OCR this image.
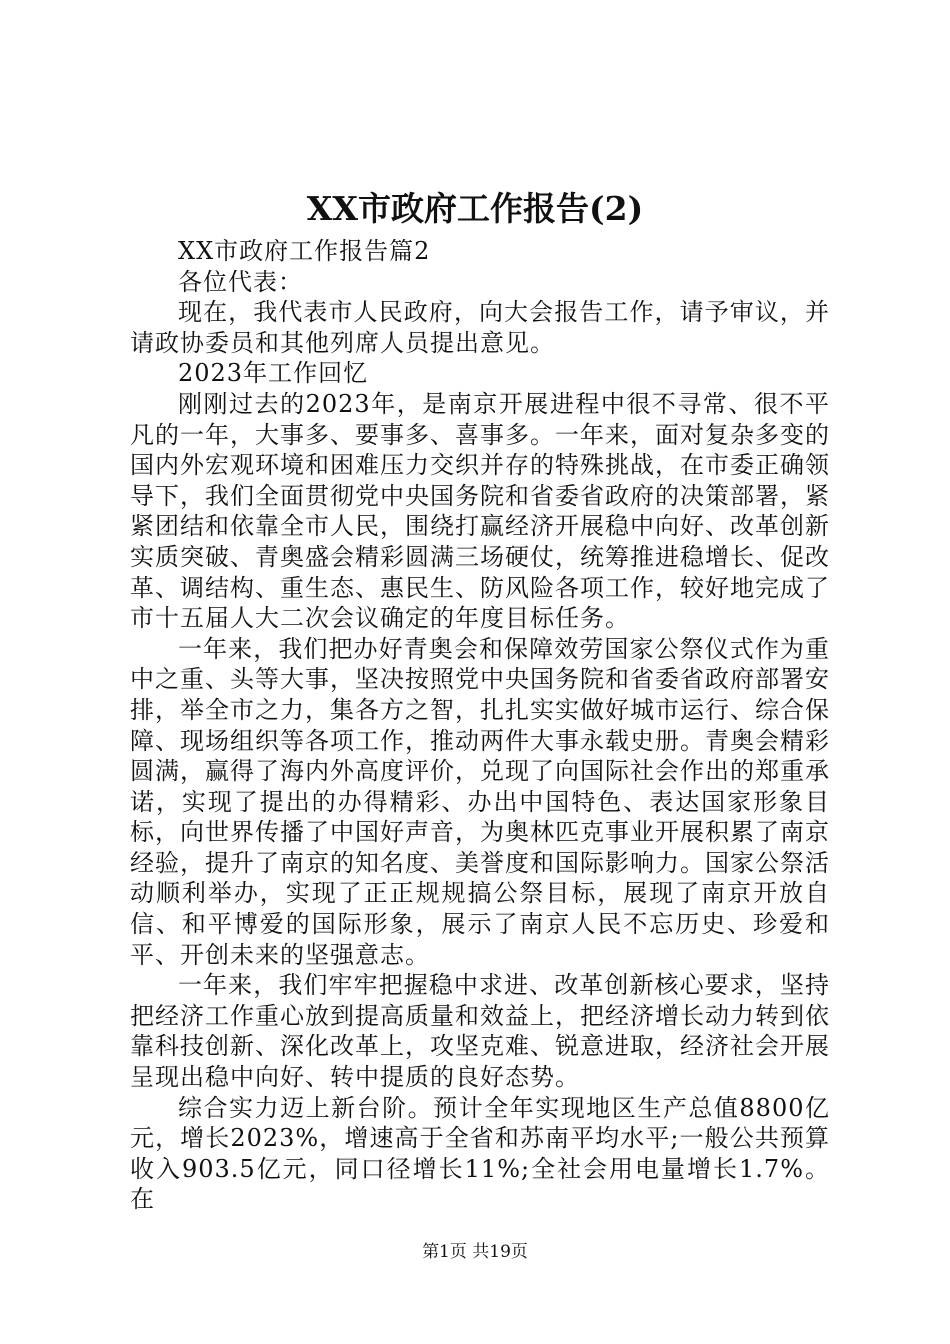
XX市政府工作报告(2)

XX市政府工作报告篇2

各位代表：

现在，我代表市人民政府，向大会报告工作，请予审议，并请政协委员和其他列席人员提出意见。

2023年工作回忆

刚刚过去的2023年，是南京开展进程中很不寻常、很不平凡的一年，大事多、要事多、喜事多。一年来，面对复杂多变的国内外宏观环境和困难压力交织并存的特殊挑战，在市委正确领导下，我们全面贯彻党中央国务院和省委省政府的决策部署，紧紧团结和依靠全市人民，围绕打赢经济开展稳中向好、改革创新实质突破、青奥盛会精彩圆满三场硬仗，统筹推进稳增长、促改革、调结构、重生态、惠民生、防风险各项工作，较好地完成了市十五届人大二次会议确定的年度目标任务。

一年来，我们把办好青奥会和保障效劳国家公祭仪式作为重中之重、头等大事，坚决按照党中央国务院和省委省政府部署安排，举全市之力，集各方之智，扎扎实实做好城市运行、综合保障、现场组织等各项工作，推动两件大事永载史册。青奥会精彩圆满，赢得了海内外高度评价，兑现了向国际社会作出的郑重承诺，实现了提出的办得精彩、办出中国特色、表达国家形象目标，向世界传播了中国好声音，为奥林匹克事业开展积累了南京经验，提升了南京的知名度、美誉度和国际影响力。国家公祭活动顺利举办，实现了正正规规搞公祭目标，展现了南京开放自信、和平博爱的国际形象，展示了南京人民不忘历史、珍爱和平、开创未来的坚强意志。

一年来，我们牢牢把握稳中求进、改革创新核心要求，坚持把经济工作重心放到提高质量和效益上，把经济增长动力转到依靠科技创新、深化改革上，攻坚克难、锐意进取，经济社会开展呈现出稳中向好、转中提质的良好态势。

综合实力迈上新台阶。预计全年实现地区生产总值8800亿元，增长2023%，增速高于全省和苏南平均水平;一般公共预算收入903.5亿元，同口径增长11%;全社会用电量增长1.7%。在

第1页 共19页
